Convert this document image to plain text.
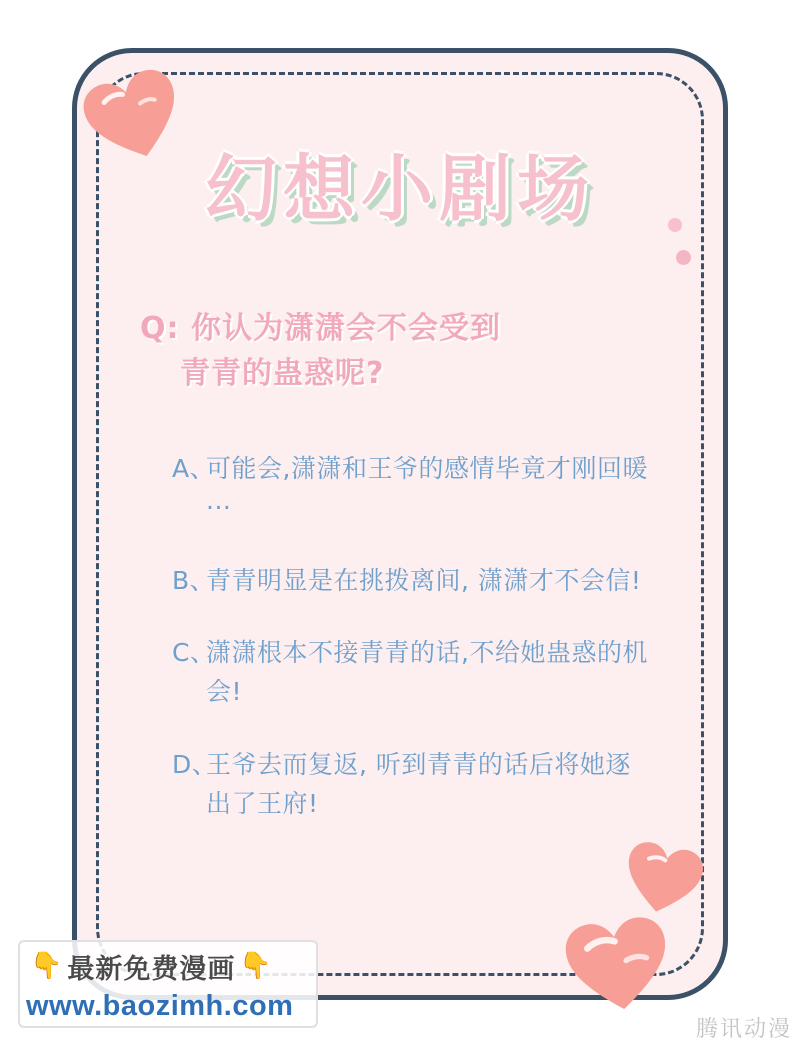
幻想小剧场
Q: 你认为潇潇会不会受到
青青的蛊惑呢?
A、
可能会,潇潇和王爷的感情毕竟才刚回暖···
B、
青青明显是在挑拨离间, 潇潇才不会信!
C、
潇潇根本不接青青的话,不给她蛊惑的机会!
D、
王爷去而复返, 听到青青的话后将她逐出了王府!
👇 最新免费漫画 👇
www.baozimh.com
腾讯动漫
